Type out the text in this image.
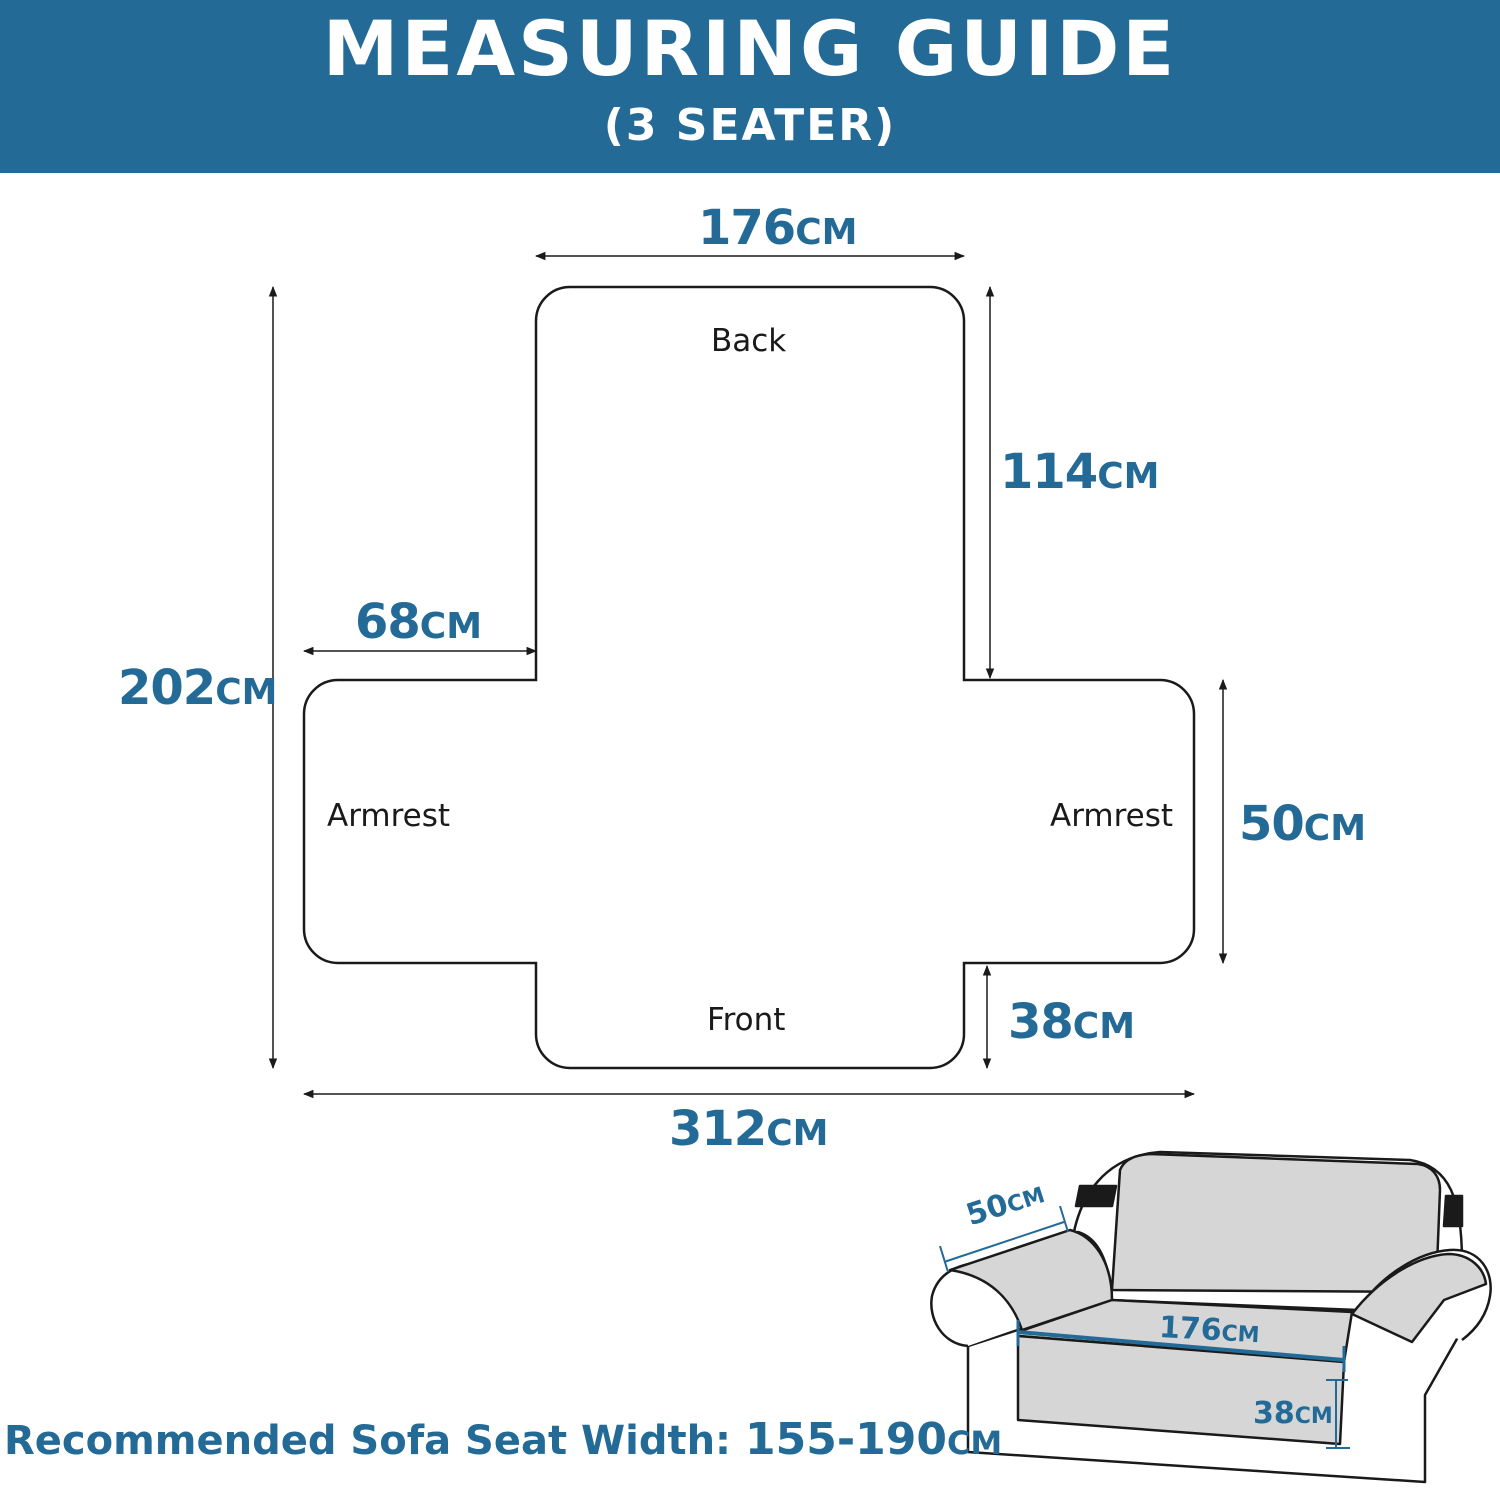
MEASURING GUIDE
(3 SEATER)
Back
Front
Armrest	Armrest
176CM
114CM
68CM
202CM
50CM
38CM
312CM
50CM
176CM
38CM
Recommended Sofa Seat Width: 155-190CM
